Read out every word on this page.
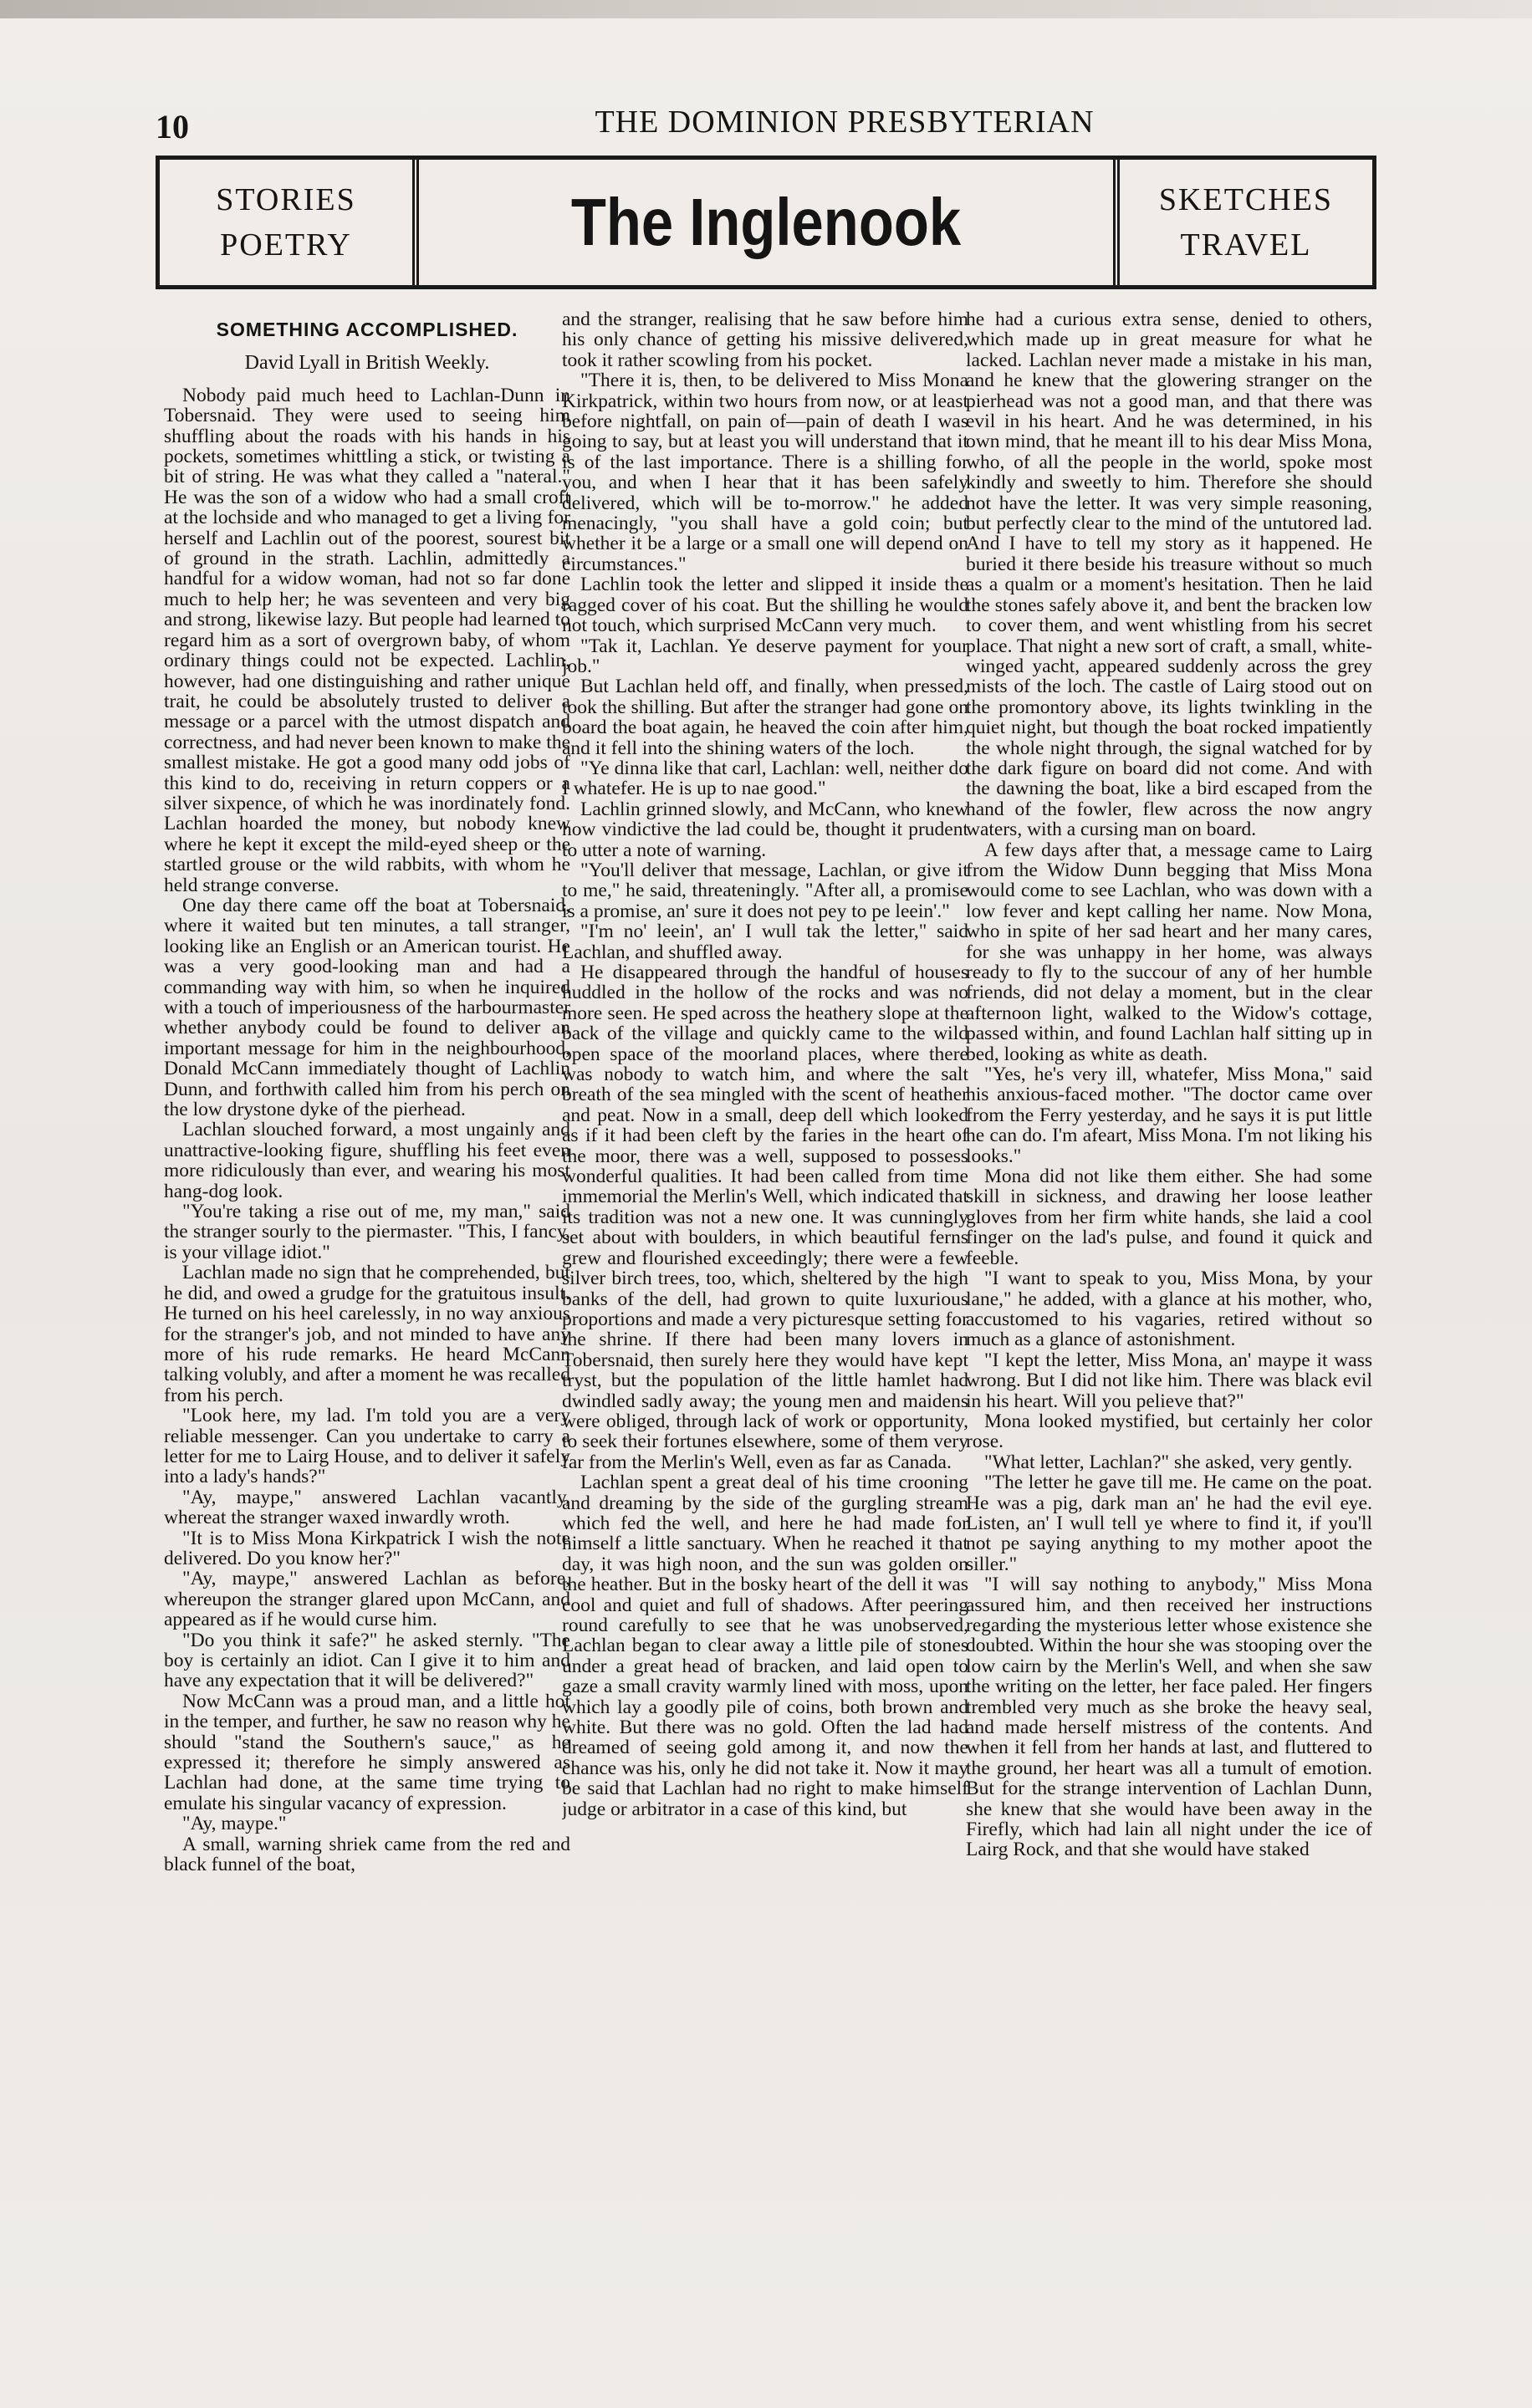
10	THE DOMINION PRESBYTERIAN
STORIES
POETRY	The Inglenook	SKETCHES
TRAVEL
SOMETHING ACCOMPLISHED.
David Lyall in British Weekly.

Nobody paid much heed to Lachlan-Dunn in Tobersnaid. They were used to seeing him shuffling about the roads with his hands in his pockets, sometimes whittling a stick, or twisting a bit of string. He was what they called a "nateral." He was the son of a widow who had a small croft at the lochside and who managed to get a living for herself and Lachlin out of the poorest, sourest bit of ground in the strath. Lachlin, admittedly a handful for a widow woman, had not so far done much to help her; he was seventeen and very big and strong, likewise lazy. But people had learned to regard him as a sort of overgrown baby, of whom ordinary things could not be expected. Lachlin, however, had one distinguishing and rather unique trait, he could be absolutely trusted to deliver a message or a parcel with the utmost dispatch and correctness, and had never been known to make the smallest mistake. He got a good many odd jobs of this kind to do, receiving in return coppers or a silver sixpence, of which he was inordinately fond. Lachlan hoarded the money, but nobody knew where he kept it except the mild-eyed sheep or the startled grouse or the wild rabbits, with whom he held strange converse.

One day there came off the boat at Tobersnaid, where it waited but ten minutes, a tall stranger, looking like an English or an American tourist. He was a very good-looking man and had a commanding way with him, so when he inquired with a touch of imperiousness of the harbourmaster whether anybody could be found to deliver an important message for him in the neighbourhood, Donald McCann immediately thought of Lachlin Dunn, and forthwith called him from his perch on the low drystone dyke of the pierhead.

Lachlan slouched forward, a most ungainly and unattractive-looking figure, shuffling his feet even more ridiculously than ever, and wearing his most hang-dog look.

"You're taking a rise out of me, my man," said the stranger sourly to the piermaster. "This, I fancy, is your village idiot."

Lachlan made no sign that he comprehended, but he did, and owed a grudge for the gratuitous insult. He turned on his heel carelessly, in no way anxious for the stranger's job, and not minded to have any more of his rude remarks. He heard McCann talking volubly, and after a moment he was recalled from his perch.

"Look here, my lad. I'm told you are a very reliable messenger. Can you undertake to carry a letter for me to Lairg House, and to deliver it safely into a lady's hands?"

"Ay, maype," answered Lachlan vacantly, whereat the stranger waxed inwardly wroth.

"It is to Miss Mona Kirkpatrick I wish the note delivered. Do you know her?"

"Ay, maype," answered Lachlan as before, whereupon the stranger glared upon McCann, and appeared as if he would curse him.

"Do you think it safe?" he asked sternly. "The boy is certainly an idiot. Can I give it to him and have any expectation that it will be delivered?"

Now McCann was a proud man, and a little hot in the temper, and further, he saw no reason why he should "stand the Southern's sauce," as he expressed it; therefore he simply answered as Lachlan had done, at the same time trying to emulate his singular vacancy of expression.

"Ay, maype."

A small, warning shriek came from the red and black funnel of the boat,

and the stranger, realising that he saw before him his only chance of getting his missive delivered, took it rather scowling from his pocket.

"There it is, then, to be delivered to Miss Mona Kirkpatrick, within two hours from now, or at least before nightfall, on pain of—pain of death I was going to say, but at least you will understand that it is of the last importance. There is a shilling for you, and when I hear that it has been safely delivered, which will be to-morrow." he added menacingly, "you shall have a gold coin; but whether it be a large or a small one will depend on circumstances."

Lachlin took the letter and slipped it inside the ragged cover of his coat. But the shilling he would not touch, which surprised McCann very much.

"Tak it, Lachlan. Ye deserve payment for your job."

But Lachlan held off, and finally, when pressed, took the shilling. But after the stranger had gone on board the boat again, he heaved the coin after him, and it fell into the shining waters of the loch.

"Ye dinna like that carl, Lachlan: well, neither do I whatefer. He is up to nae good."

Lachlin grinned slowly, and McCann, who knew how vindictive the lad could be, thought it prudent to utter a note of warning.

"You'll deliver that message, Lachlan, or give it to me," he said, threateningly. "After all, a promise is a promise, an' sure it does not pey to pe leein'."

"I'm no' leein', an' I wull tak the letter," said Lachlan, and shuffled away.

He disappeared through the handful of houses huddled in the hollow of the rocks and was no more seen. He sped across the heathery slope at the back of the village and quickly came to the wild open space of the moorland places, where there was nobody to watch him, and where the salt breath of the sea mingled with the scent of heather and peat. Now in a small, deep dell which looked as if it had been cleft by the faries in the heart of the moor, there was a well, supposed to possess wonderful qualities. It had been called from time immemorial the Merlin's Well, which indicated that its tradition was not a new one. It was cunningly set about with boulders, in which beautiful ferns grew and flourished exceedingly; there were a few silver birch trees, too, which, sheltered by the high banks of the dell, had grown to quite luxurious proportions and made a very picturesque setting for the shrine. If there had been many lovers in Tobersnaid, then surely here they would have kept tryst, but the population of the little hamlet had dwindled sadly away; the young men and maidens were obliged, through lack of work or opportunity, to seek their fortunes elsewhere, some of them very far from the Merlin's Well, even as far as Canada.

Lachlan spent a great deal of his time crooning and dreaming by the side of the gurgling stream which fed the well, and here he had made for himself a little sanctuary. When he reached it that day, it was high noon, and the sun was golden on the heather. But in the bosky heart of the dell it was cool and quiet and full of shadows. After peering round carefully to see that he was unobserved, Lachlan began to clear away a little pile of stones under a great head of bracken, and laid open to gaze a small cravity warmly lined with moss, upon which lay a goodly pile of coins, both brown and white. But there was no gold. Often the lad had dreamed of seeing gold among it, and now the chance was his, only he did not take it. Now it may be said that Lachlan had no right to make himself judge or arbitrator in a case of this kind, but

he had a curious extra sense, denied to others, which made up in great measure for what he lacked. Lachlan never made a mistake in his man, and he knew that the glowering stranger on the pierhead was not a good man, and that there was evil in his heart. And he was determined, in his own mind, that he meant ill to his dear Miss Mona, who, of all the people in the world, spoke most kindly and sweetly to him. Therefore she should not have the letter. It was very simple reasoning, but perfectly clear to the mind of the untutored lad. And I have to tell my story as it happened. He buried it there beside his treasure without so much as a qualm or a moment's hesitation. Then he laid the stones safely above it, and bent the bracken low to cover them, and went whistling from his secret place. That night a new sort of craft, a small, white-winged yacht, appeared suddenly across the grey mists of the loch. The castle of Lairg stood out on the promontory above, its lights twinkling in the quiet night, but though the boat rocked impatiently the whole night through, the signal watched for by the dark figure on board did not come. And with the dawning the boat, like a bird escaped from the hand of the fowler, flew across the now angry waters, with a cursing man on board.

A few days after that, a message came to Lairg from the Widow Dunn begging that Miss Mona would come to see Lachlan, who was down with a low fever and kept calling her name. Now Mona, who in spite of her sad heart and her many cares, for she was unhappy in her home, was always ready to fly to the succour of any of her humble friends, did not delay a moment, but in the clear afternoon light, walked to the Widow's cottage, passed within, and found Lachlan half sitting up in bed, looking as white as death.

"Yes, he's very ill, whatefer, Miss Mona," said his anxious-faced mother. "The doctor came over from the Ferry yesterday, and he says it is put little he can do. I'm afeart, Miss Mona. I'm not liking his looks."

Mona did not like them either. She had some skill in sickness, and drawing her loose leather gloves from her firm white hands, she laid a cool finger on the lad's pulse, and found it quick and feeble.

"I want to speak to you, Miss Mona, by your lane," he added, with a glance at his mother, who, accustomed to his vagaries, retired without so much as a glance of astonishment.

"I kept the letter, Miss Mona, an' maype it wass wrong. But I did not like him. There was black evil in his heart. Will you pelieve that?"

Mona looked mystified, but certainly her color rose.

"What letter, Lachlan?" she asked, very gently.

"The letter he gave till me. He came on the poat. He was a pig, dark man an' he had the evil eye. Listen, an' I wull tell ye where to find it, if you'll not pe saying anything to my mother apoot the siller."

"I will say nothing to anybody," Miss Mona assured him, and then received her instructions regarding the mysterious letter whose existence she doubted. Within the hour she was stooping over the low cairn by the Merlin's Well, and when she saw the writing on the letter, her face paled. Her fingers trembled very much as she broke the heavy seal, and made herself mistress of the contents. And when it fell from her hands at last, and fluttered to the ground, her heart was all a tumult of emotion. But for the strange intervention of Lachlan Dunn, she knew that she would have been away in the Firefly, which had lain all night under the ice of Lairg Rock, and that she would have staked
